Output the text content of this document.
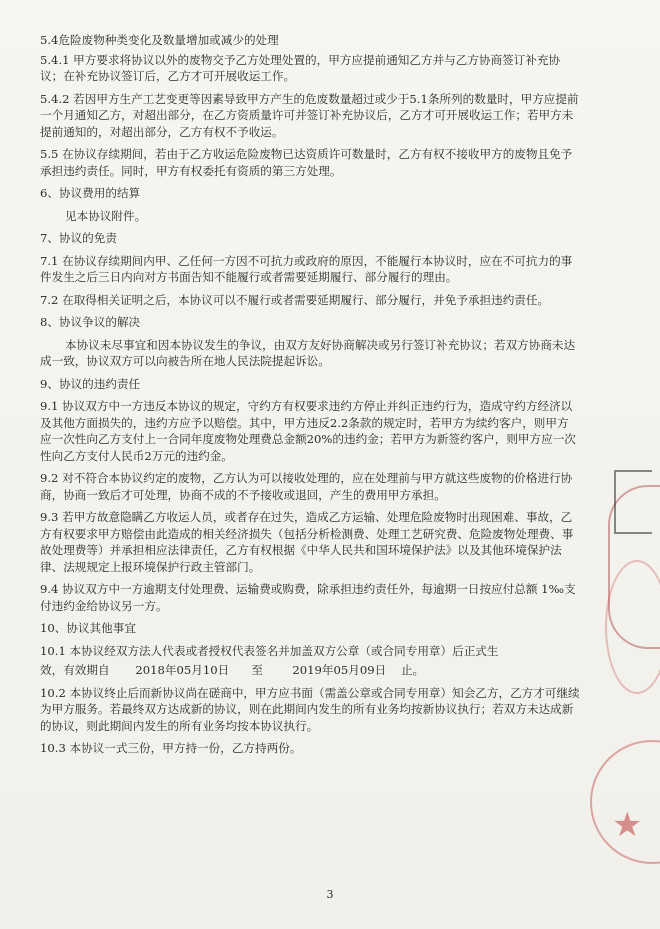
5.4危险废物种类变化及数量增加或减少的处理

5.4.1 甲方要求将协议以外的废物交予乙方处理处置的，甲方应提前通知乙方并与乙方协商签订补充协议；在补充协议签订后，乙方才可开展收运工作。

5.4.2 若因甲方生产工艺变更等因素导致甲方产生的危废数量超过或少于5.1条所列的数量时，甲方应提前一个月通知乙方，对超出部分，在乙方资质量许可并签订补充协议后，乙方才可开展收运工作；若甲方未提前通知的，对超出部分，乙方有权不予收运。

5.5 在协议存续期间，若由于乙方收运危险废物已达资质许可数量时，乙方有权不接收甲方的废物且免予承担违约责任。同时，甲方有权委托有资质的第三方处理。

6、协议费用的结算

见本协议附件。

7、协议的免责

7.1 在协议存续期间内甲、乙任何一方因不可抗力或政府的原因，不能履行本协议时，应在不可抗力的事件发生之后三日内向对方书面告知不能履行或者需要延期履行、部分履行的理由。

7.2 在取得相关证明之后，本协议可以不履行或者需要延期履行、部分履行，并免予承担违约责任。

8、协议争议的解决

本协议未尽事宜和因本协议发生的争议，由双方友好协商解决或另行签订补充协议；若双方协商未达成一致，协议双方可以向被告所在地人民法院提起诉讼。

9、协议的违约责任

9.1 协议双方中一方违反本协议的规定，守约方有权要求违约方停止并纠正违约行为，造成守约方经济以及其他方面损失的，违约方应予以赔偿。其中，甲方违反2.2条款的规定时，若甲方为续约客户，则甲方应一次性向乙方支付上一合同年度废物处理费总金额20%的违约金；若甲方为新签约客户，则甲方应一次性向乙方支付人民币2万元的违约金。

9.2 对不符合本协议约定的废物，乙方认为可以接收处理的，应在处理前与甲方就这些废物的价格进行协商，协商一致后才可处理，协商不成的不予接收或退回，产生的费用甲方承担。

9.3 若甲方故意隐瞒乙方收运人员，或者存在过失，造成乙方运输、处理危险废物时出现困难、事故，乙方有权要求甲方赔偿由此造成的相关经济损失（包括分析检测费、处理工艺研究费、危险废物处理费、事故处理费等）并承担相应法律责任，乙方有权根据《中华人民共和国环境保护法》以及其他环境保护法律、法规规定上报环境保护行政主管部门。

9.4 协议双方中一方逾期支付处理费、运输费或购费，除承担违约责任外，每逾期一日按应付总额 1‰支付违约金给协议另一方。

10、协议其他事宜

10.1 本协议经双方法人代表或者授权代表签名并加盖双方公章（或合同专用章）后正式生

效，有效期自 2018年05月10日 至	2019年05月09日 止。

10.2 本协议终止后而新协议尚在磋商中，甲方应书面（需盖公章或合同专用章）知会乙方，乙方才可继续为甲方服务。若最终双方达成新的协议，则在此期间内发生的所有业务均按新协议执行；若双方未达成新的协议，则此期间内发生的所有业务均按本协议执行。

10.3 本协议一式三份，甲方持一份，乙方持两份。

3
★
